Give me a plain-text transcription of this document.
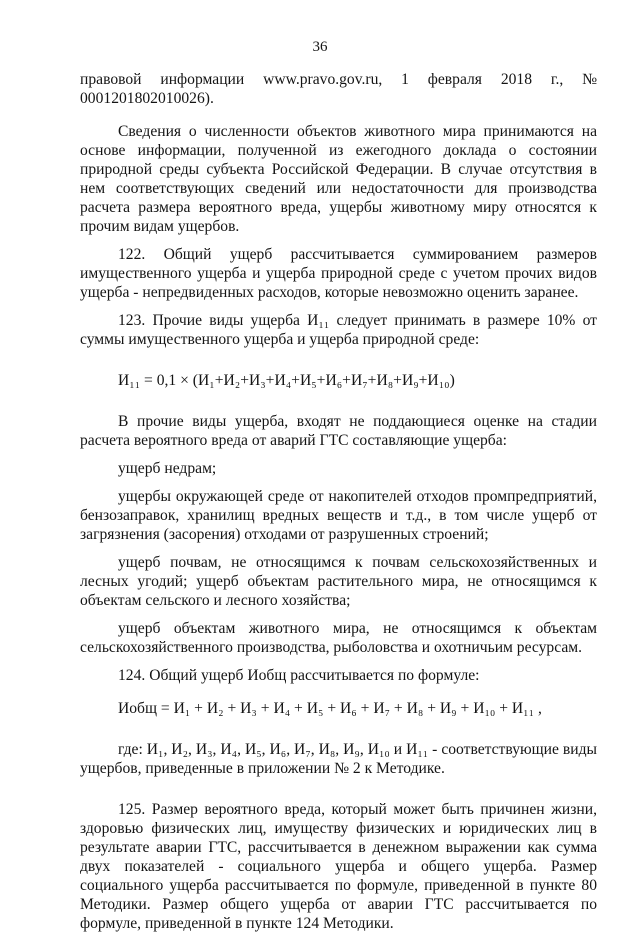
36

правовой информации www.pravo.gov.ru, 1 февраля 2018 г., № 0001201802010026).

Сведения о численности объектов животного мира принимаются на основе информации, полученной из ежегодного доклада о состоянии природной среды субъекта Российской Федерации. В случае отсутствия в нем соответствующих сведений или недостаточности для производства расчета размера вероятного вреда, ущербы животному миру относятся к прочим видам ущербов.

122. Общий ущерб рассчитывается суммированием размеров имущественного ущерба и ущерба природной среде с учетом прочих видов ущерба - непредвиденных расходов, которые невозможно оценить заранее.

123. Прочие виды ущерба И₁₁ следует принимать в размере 10% от суммы имущественного ущерба и ущерба природной среде:

И₁₁ = 0,1 × (И₁+И₂+И₃+И₄+И₅+И₆+И₇+И₈+И₉+И₁₀)

В прочие виды ущерба, входят не поддающиеся оценке на стадии расчета вероятного вреда от аварий ГТС составляющие ущерба:

ущерб недрам;

ущербы окружающей среде от накопителей отходов промпредприятий, бензозаправок, хранилищ вредных веществ и т.д., в том числе ущерб от загрязнения (засорения) отходами от разрушенных строений;

ущерб почвам, не относящимся к почвам сельскохозяйственных и лесных угодий; ущерб объектам растительного мира, не относящимся к объектам сельского и лесного хозяйства;

ущерб объектам животного мира, не относящимся к объектам сельскохозяйственного производства, рыболовства и охотничьим ресурсам.

124. Общий ущерб Иобщ рассчитывается по формуле:

Иобщ = И₁ + И₂ + И₃ + И₄ + И₅ + И₆ + И₇ + И₈ + И₉ + И₁₀ + И₁₁ ,

где: И₁, И₂, И₃, И₄, И₅, И₆, И₇, И₈, И₉, И₁₀ и И₁₁ - соответствующие виды ущербов, приведенные в приложении № 2 к Методике.

125. Размер вероятного вреда, который может быть причинен жизни, здоровью физических лиц, имуществу физических и юридических лиц в результате аварии ГТС, рассчитывается в денежном выражении как сумма двух показателей - социального ущерба и общего ущерба. Размер социального ущерба рассчитывается по формуле, приведенной в пункте 80 Методики. Размер общего ущерба от аварии ГТС рассчитывается по формуле, приведенной в пункте 124 Методики.
